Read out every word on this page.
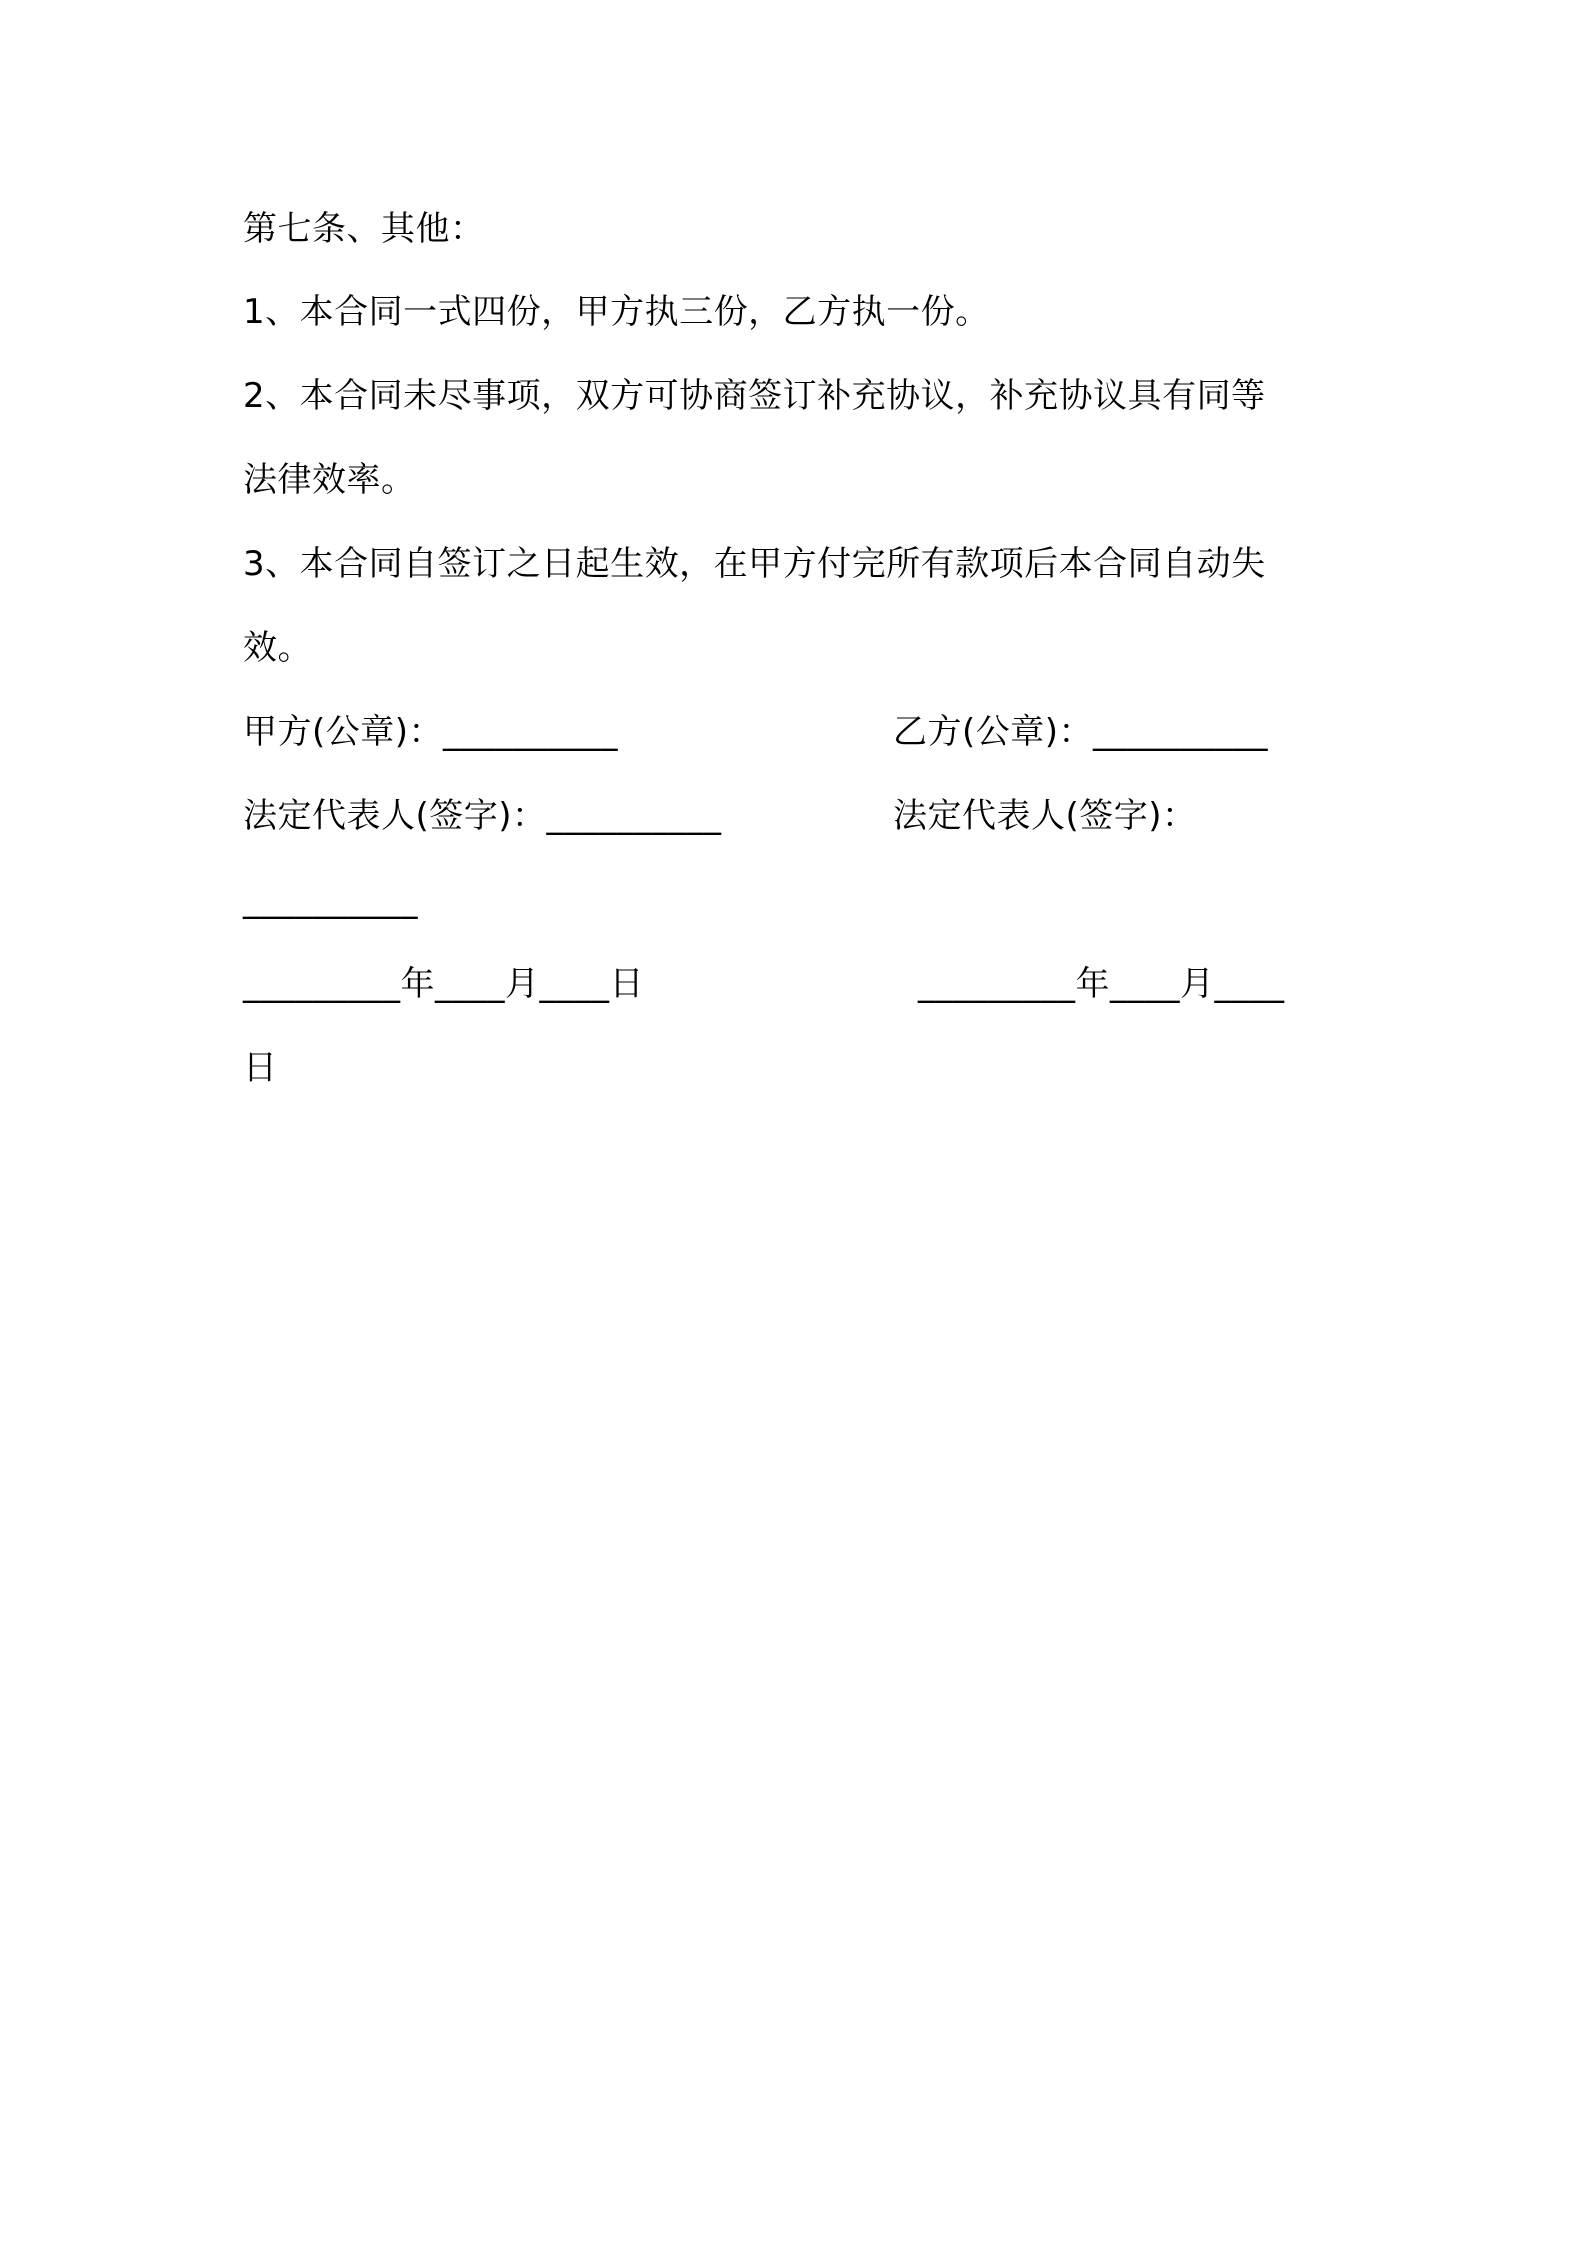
第七条、其他：
1、本合同一式四份，甲方执三份，乙方执一份。
2、本合同未尽事项，双方可协商签订补充协议，补充协议具有同等
法律效率。
3、本合同自签订之日起生效，在甲方付完所有款项后本合同自动失
效。
甲方(公章)：__________	乙方(公章)：__________
法定代表人(签字)：__________	法定代表人(签字)：
__________
_________年____月____日	_________年____月____
日
